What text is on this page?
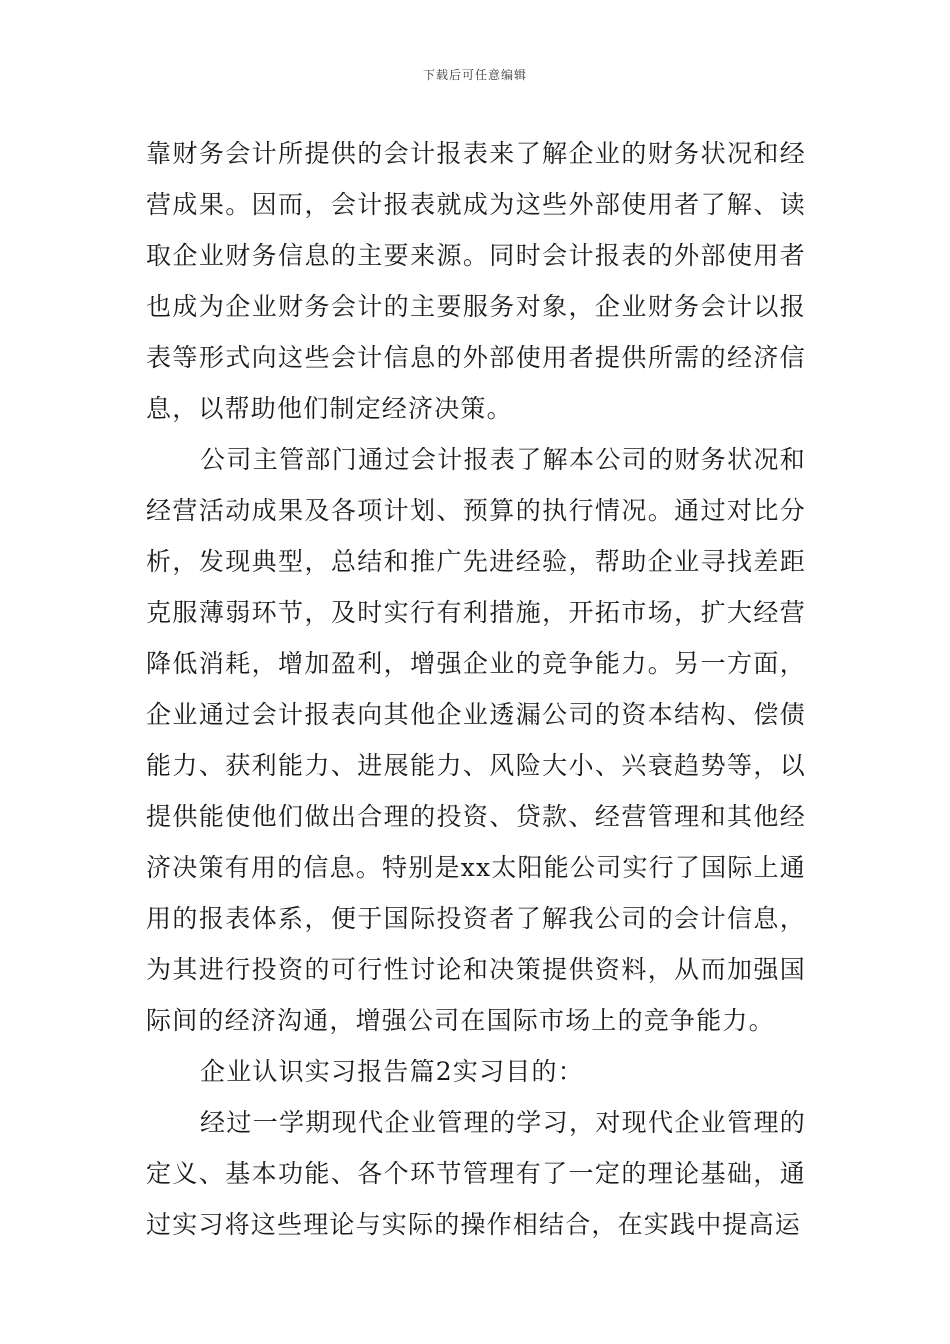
下载后可任意编辑

靠财务会计所提供的会计报表来了解企业的财务状况和经营成果。因而，会计报表就成为这些外部使用者了解、读取企业财务信息的主要来源。同时会计报表的外部使用者也成为企业财务会计的主要服务对象，企业财务会计以报表等形式向这些会计信息的外部使用者提供所需的经济信息，以帮助他们制定经济决策。

公司主管部门通过会计报表了解本公司的财务状况和经营活动成果及各项计划、预算的执行情况。通过对比分析，发现典型，总结和推广先进经验，帮助企业寻找差距克服薄弱环节，及时实行有利措施，开拓市场，扩大经营降低消耗，增加盈利，增强企业的竞争能力。另一方面，企业通过会计报表向其他企业透漏公司的资本结构、偿债能力、获利能力、进展能力、风险大小、兴衰趋势等，以提供能使他们做出合理的投资、贷款、经营管理和其他经济决策有用的信息。特别是xx太阳能公司实行了国际上通用的报表体系，便于国际投资者了解我公司的会计信息，为其进行投资的可行性讨论和决策提供资料，从而加强国际间的经济沟通，增强公司在国际市场上的竞争能力。

企业认识实习报告篇2实习目的：

经过一学期现代企业管理的学习，对现代企业管理的定义、基本功能、各个环节管理有了一定的理论基础，通过实习将这些理论与实际的操作相结合，在实践中提高运
